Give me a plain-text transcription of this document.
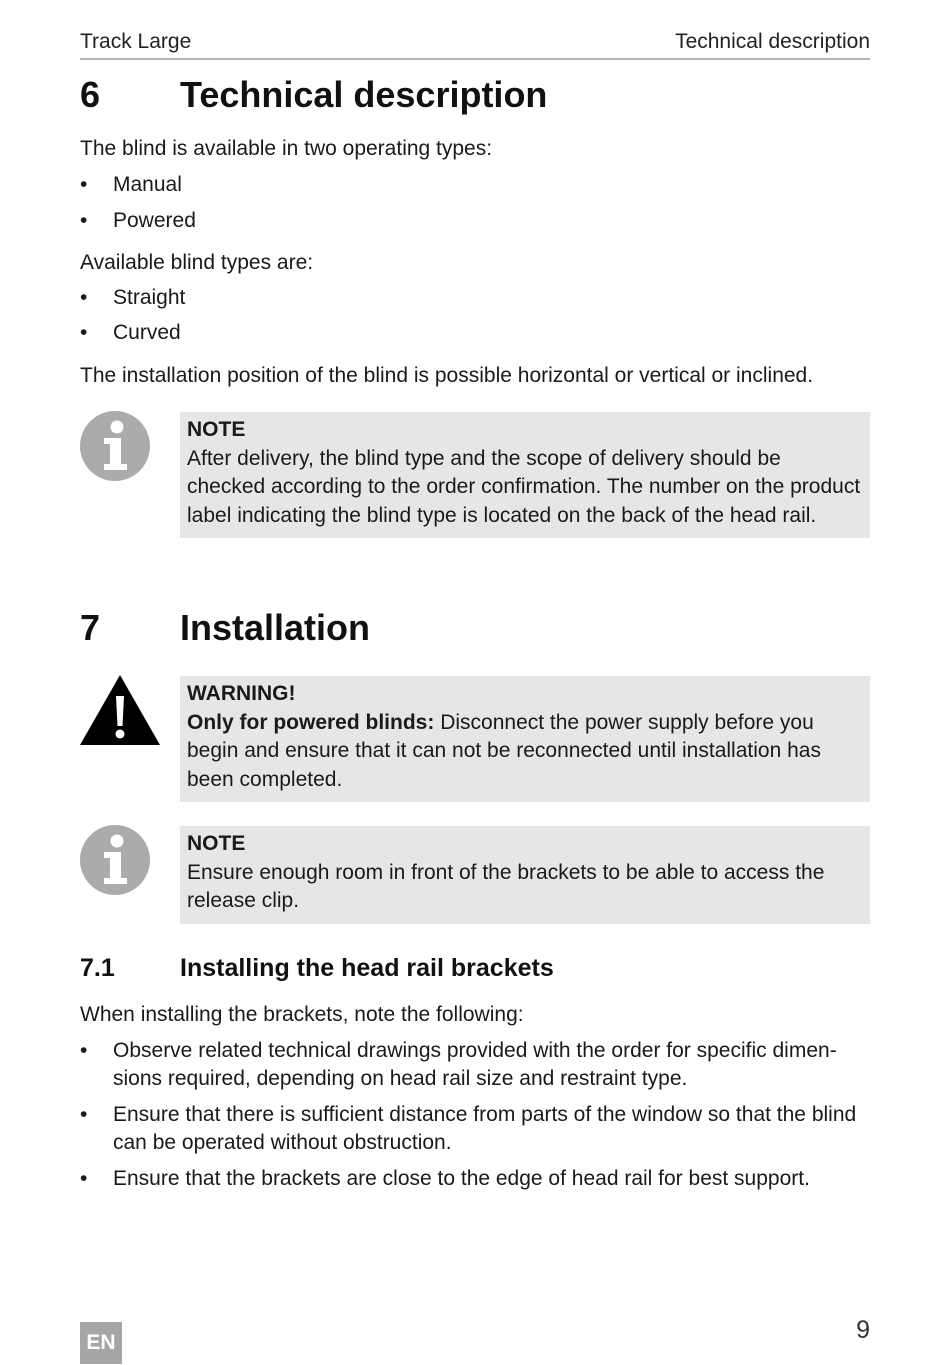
Track Large	Technical description
6 Technical description
The blind is available in two operating types:
• Manual
• Powered
Available blind types are:
• Straight
• Curved
The installation position of the blind is possible horizontal or vertical or inclined.
NOTE
After delivery, the blind type and the scope of delivery should be checked according to the order confirmation. The number on the product label indicating the blind type is located on the back of the head rail.
7 Installation
WARNING!
Only for powered blinds: Disconnect the power supply before you begin and ensure that it can not be reconnected until installation has been completed.
NOTE
Ensure enough room in front of the brackets to be able to access the release clip.
7.1	Installing the head rail brackets
When installing the brackets, note the following:
• Observe related technical drawings provided with the order for specific dimensions required, depending on head rail size and restraint type.
• Ensure that there is sufficient distance from parts of the window so that the blind can be operated without obstruction.
• Ensure that the brackets are close to the edge of head rail for best support.
EN	9
